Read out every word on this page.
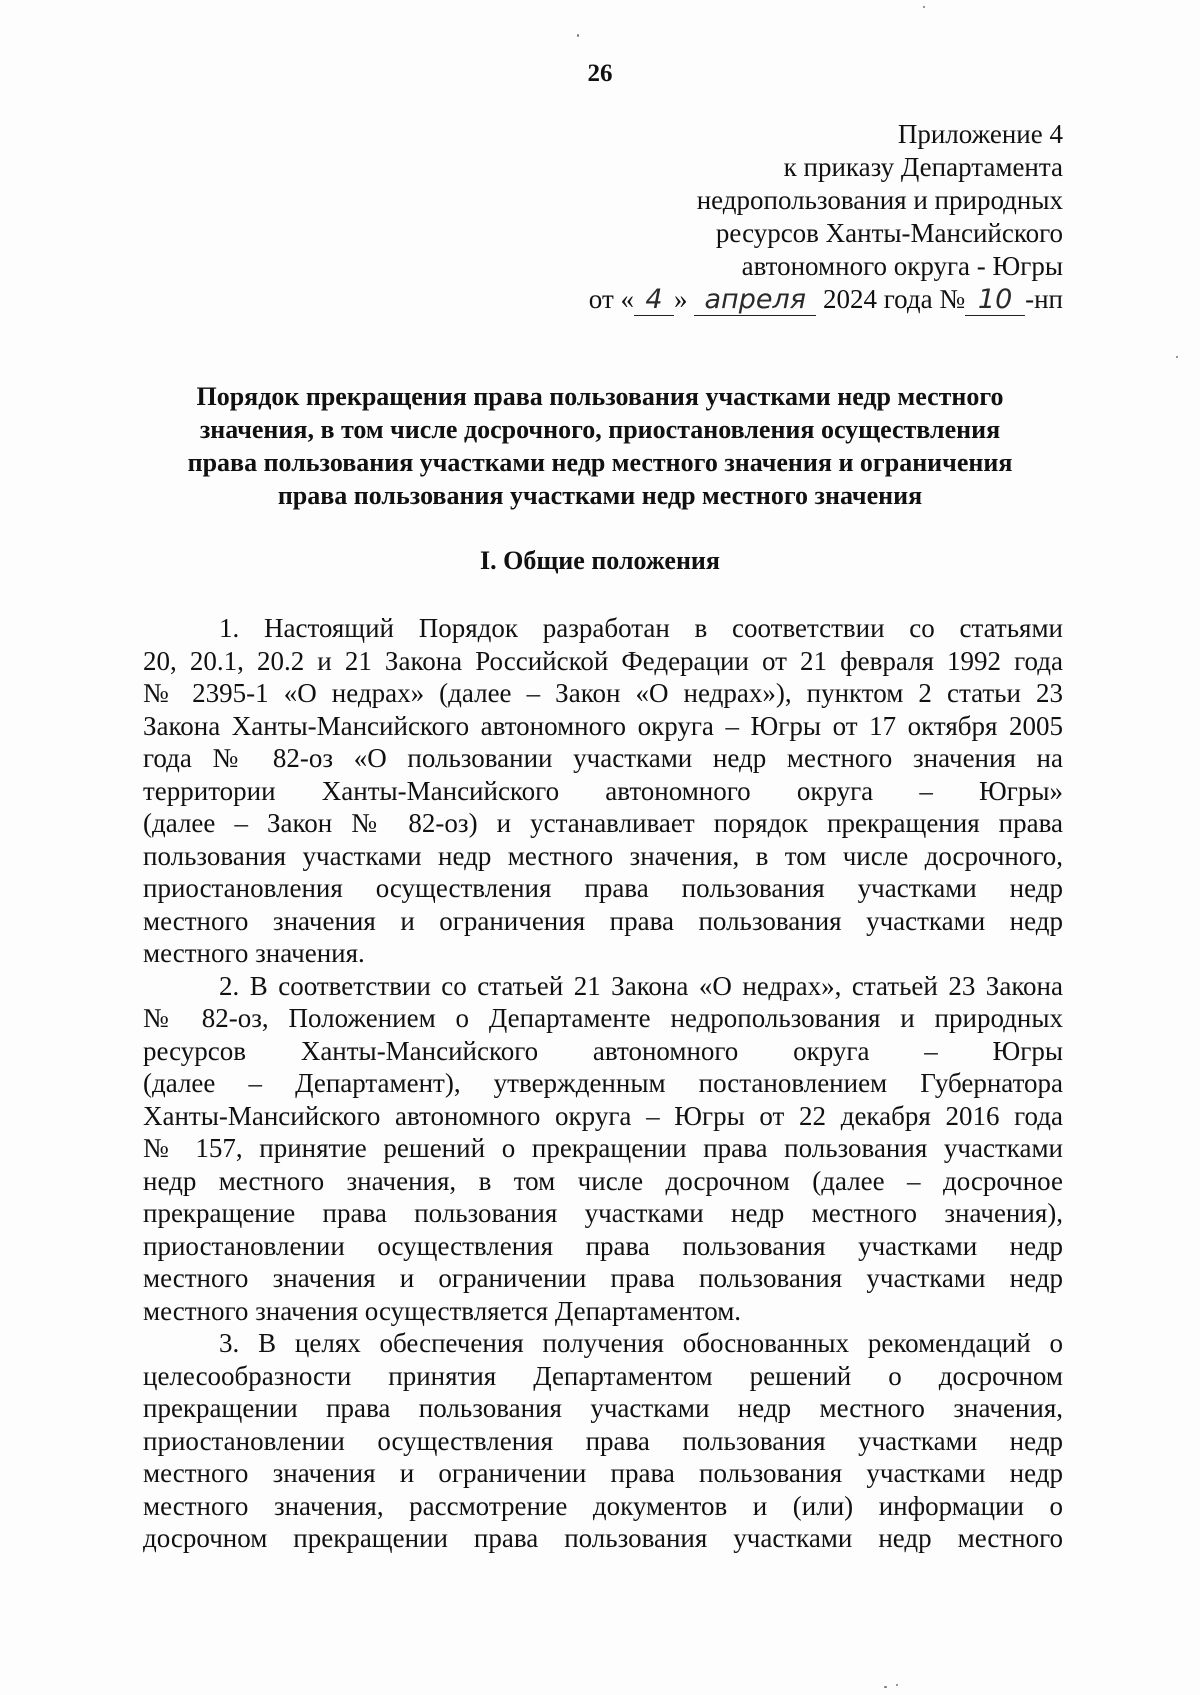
26
Приложение 4
к приказу Департамента
недропользования и природных
ресурсов Ханты-Мансийского
автономного округа - Югры
от « 4 » апреля 2024 года № 10 -нп
Порядок прекращения права пользования участками недр местного
значения, в том числе досрочного, приостановления осуществления
права пользования участками недр местного значения и ограничения
права пользования участками недр местного значения
I. Общие положения
1. Настоящий Порядок разработан в соответствии со статьями
20, 20.1, 20.2 и 21 Закона Российской Федерации от 21 февраля 1992 года
№ 2395-1 «О недрах» (далее – Закон «О недрах»), пунктом 2 статьи 23
Закона Ханты-Мансийского автономного округа – Югры от 17 октября 2005
года № 82-оз «О пользовании участками недр местного значения на
территории Ханты-Мансийского автономного округа – Югры»
(далее – Закон № 82-оз) и устанавливает порядок прекращения права
пользования участками недр местного значения, в том числе досрочного,
приостановления осуществления права пользования участками недр
местного значения и ограничения права пользования участками недр
местного значения.
2. В соответствии со статьей 21 Закона «О недрах», статьей 23 Закона
№ 82-оз, Положением о Департаменте недропользования и природных
ресурсов Ханты-Мансийского автономного округа – Югры
(далее – Департамент), утвержденным постановлением Губернатора
Ханты-Мансийского автономного округа – Югры от 22 декабря 2016 года
№ 157, принятие решений о прекращении права пользования участками
недр местного значения, в том числе досрочном (далее – досрочное
прекращение права пользования участками недр местного значения),
приостановлении осуществления права пользования участками недр
местного значения и ограничении права пользования участками недр
местного значения осуществляется Департаментом.
3. В целях обеспечения получения обоснованных рекомендаций о
целесообразности принятия Департаментом решений о досрочном
прекращении права пользования участками недр местного значения,
приостановлении осуществления права пользования участками недр
местного значения и ограничении права пользования участками недр
местного значения, рассмотрение документов и (или) информации о
досрочном прекращении права пользования участками недр местного
